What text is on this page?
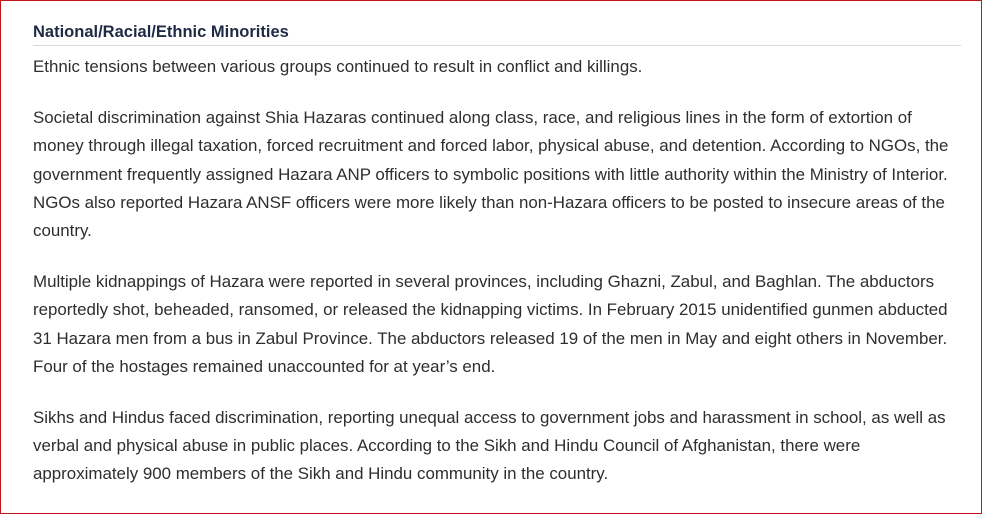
National/Racial/Ethnic Minorities

Ethnic tensions between various groups continued to result in conflict and killings.

Societal discrimination against Shia Hazaras continued along class, race, and religious lines in the form of extortion of money through illegal taxation, forced recruitment and forced labor, physical abuse, and detention. According to NGOs, the government frequently assigned Hazara ANP officers to symbolic positions with little authority within the Ministry of Interior. NGOs also reported Hazara ANSF officers were more likely than non-Hazara officers to be posted to insecure areas of the country.

Multiple kidnappings of Hazara were reported in several provinces, including Ghazni, Zabul, and Baghlan. The abductors reportedly shot, beheaded, ransomed, or released the kidnapping victims. In February 2015 unidentified gunmen abducted 31 Hazara men from a bus in Zabul Province. The abductors released 19 of the men in May and eight others in November. Four of the hostages remained unaccounted for at year’s end.

Sikhs and Hindus faced discrimination, reporting unequal access to government jobs and harassment in school, as well as verbal and physical abuse in public places. According to the Sikh and Hindu Council of Afghanistan, there were approximately 900 members of the Sikh and Hindu community in the country.
